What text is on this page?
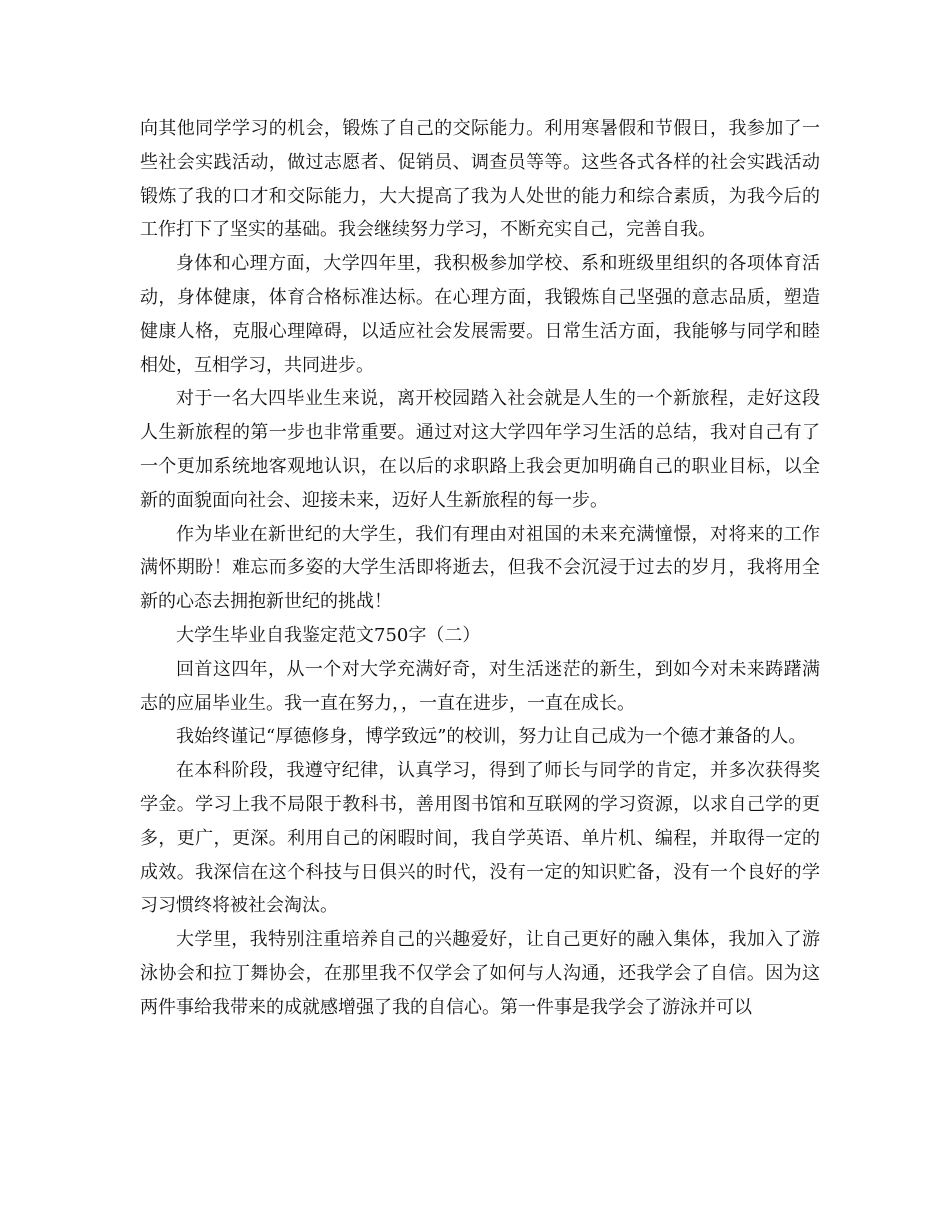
向其他同学学习的机会，锻炼了自己的交际能力。利用寒暑假和节假日，我参加了一些社会实践活动，做过志愿者、促销员、调查员等等。这些各式各样的社会实践活动锻炼了我的口才和交际能力，大大提高了我为人处世的能力和综合素质，为我今后的工作打下了坚实的基础。我会继续努力学习，不断充实自己，完善自我。

身体和心理方面，大学四年里，我积极参加学校、系和班级里组织的各项体育活动，身体健康，体育合格标准达标。在心理方面，我锻炼自己坚强的意志品质，塑造健康人格，克服心理障碍，以适应社会发展需要。日常生活方面，我能够与同学和睦相处，互相学习，共同进步。

对于一名大四毕业生来说，离开校园踏入社会就是人生的一个新旅程，走好这段人生新旅程的第一步也非常重要。通过对这大学四年学习生活的总结，我对自己有了一个更加系统地客观地认识，在以后的求职路上我会更加明确自己的职业目标，以全新的面貌面向社会、迎接未来，迈好人生新旅程的每一步。

作为毕业在新世纪的大学生，我们有理由对祖国的未来充满憧憬，对将来的工作满怀期盼！难忘而多姿的大学生活即将逝去，但我不会沉浸于过去的岁月，我将用全新的心态去拥抱新世纪的挑战！

大学生毕业自我鉴定范文750字（二）

回首这四年，从一个对大学充满好奇，对生活迷茫的新生，到如今对未来踌躇满志的应届毕业生。我一直在努力，，一直在进步，一直在成长。

我始终谨记“厚德修身，博学致远”的校训，努力让自己成为一个德才兼备的人。

在本科阶段，我遵守纪律，认真学习，得到了师长与同学的肯定，并多次获得奖学金。学习上我不局限于教科书，善用图书馆和互联网的学习资源，以求自己学的更多，更广，更深。利用自己的闲暇时间，我自学英语、单片机、编程，并取得一定的成效。我深信在这个科技与日俱兴的时代，没有一定的知识贮备，没有一个良好的学习习惯终将被社会淘汰。

大学里，我特别注重培养自己的兴趣爱好，让自己更好的融入集体，我加入了游泳协会和拉丁舞协会，在那里我不仅学会了如何与人沟通，还我学会了自信。因为这两件事给我带来的成就感增强了我的自信心。第一件事是我学会了游泳并可以
